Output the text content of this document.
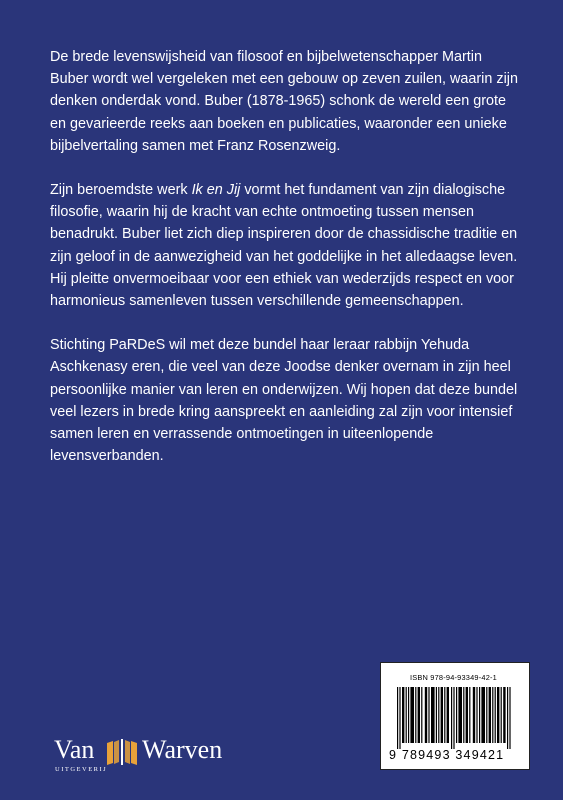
De brede levenswijsheid van filosoof en bijbelwetenschapper Martin Buber wordt wel vergeleken met een gebouw op zeven zuilen, waarin zijn denken onderdak vond. Buber (1878-1965) schonk de wereld een grote en gevarieerde reeks aan boeken en publicaties, waaronder een unieke bijbelvertaling samen met Franz Rosenzweig.

Zijn beroemdste werk Ik en Jij vormt het fundament van zijn dialogische filosofie, waarin hij de kracht van echte ontmoeting tussen mensen benadrukt. Buber liet zich diep inspireren door de chassidische traditie en zijn geloof in de aanwezigheid van het goddelijke in het alledaagse leven. Hij pleitte onvermoeibaar voor een ethiek van wederzijds respect en voor harmonieus samenleven tussen verschillende gemeenschappen.

Stichting PaRDeS wil met deze bundel haar leraar rabbijn Yehuda Aschkenasy eren, die veel van deze Joodse denker overnam in zijn heel persoonlijke manier van leren en onderwijzen. Wij hopen dat deze bundel veel lezers in brede kring aanspreekt en aanleiding zal zijn voor intensief samen leren en verrassende ontmoetingen in uiteenlopende levensverbanden.

Van Warven
UITGEVERIJ
ISBN 978-94-93349-42-1
9 789493 349421
